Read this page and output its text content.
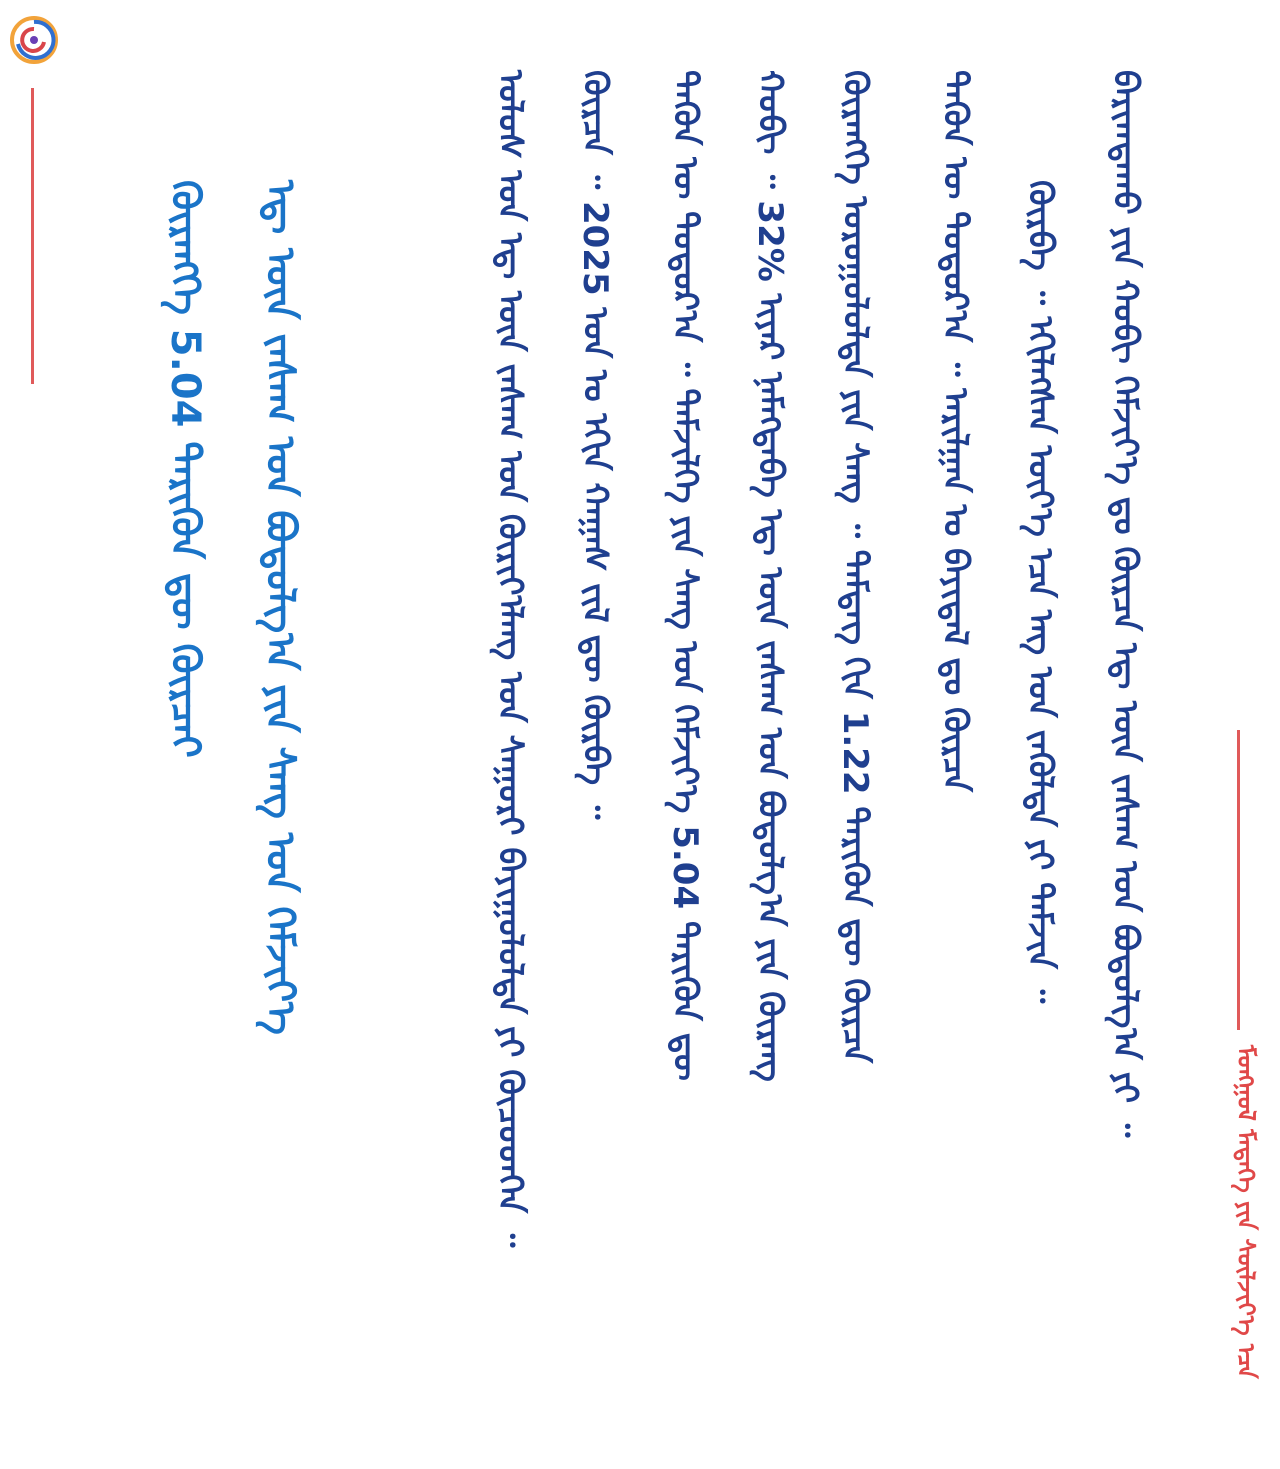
ᠪᠠᠷᠢᠭᠳᠠᠬᠤ ᠶᠢᠨ ᠬᠤᠪᠢ ᠬᠡᠮᠵᠢᠶ᠎ᠡ ᠳᠤ ᠬᠦᠷᠴᠡ ᠡᠳ᠋ ᠦᠨ ᠵᠠᠰᠠᠭ ᠤᠨ ᠪᠣᠳᠤᠯᠭ᠎ᠠ ᠶᠢ ᠃
ᠬᠦᠷᠪᠡ ᠃ ᠡᠬᠢᠯᠡᠭᠰᠡᠨ ᠦᠶ᠎ᠡ ᠡᠴᠡ ᠡᠩ ᠤᠨ ᠵᠡᠬᠦᠯᠲᠡ ᠶᠢ ᠳᠡᠮᠵᠢᠨ ᠃
ᠲᠡᠭᠦᠨ ᠦ ᠳᠣᠲᠣᠷ᠎ᠠ ᠃ ᠠᠷᠢᠯᠭᠠᠨ ᠤ ᠪᠠᠶᠢᠳᠠᠯ ᠳᠤ ᠬᠦᠷᠴᠡ
ᠬᠦᠷᠡᠩᠭᠡ ᠤᠷᠤᠭᠤᠯᠤᠯᠲᠠ ᠶᠢᠨ ᠰᠠᠩ ᠃ ᠲᠡᠮᠳᠡᠭ ᠬᠢᠨ 1.22 ᠲᠡᠷᠢᠭᠦᠨ ᠳᠦ ᠬᠦᠷᠴᠡ
ᠬᠤᠪᠢ ᠃ 32% ᠢᠶᠠᠷ ᠨᠡᠮᠡᠭᠳᠡᠪᠡ ᠡᠳ᠋ ᠦᠨ ᠵᠠᠰᠠᠭ ᠤᠨ ᠪᠣᠳᠤᠯᠭ᠎ᠠ ᠶᠢᠨ ᠬᠦᠷᠡᠩ
ᠲᠡᠭᠦᠨ ᠦ ᠳᠣᠲᠣᠷ᠎ᠠ ᠃ ᠳᠡᠮᠵᠢᠯᠭᠡ ᠶᠢᠨ ᠰᠠᠩ ᠤᠨ ᠬᠡᠮᠵᠢᠶ᠎ᠡ 5.04 ᠲᠡᠷᠢᠭᠦᠨ ᠳᠦ
ᠬᠦᠷᠴᠡ ᠃ 2025 ᠣᠨ ᠤ ᠡᠬᠢᠨ ᠬᠠᠭᠠᠰ ᠵᠢᠯ ᠳᠦ ᠬᠦᠷᠪᠡ ᠃
ᠤᠯᠤᠰ ᠤᠨ ᠡᠳ᠋ ᠦᠨ ᠵᠠᠰᠠᠭ ᠤᠨ ᠬᠦᠷᠢᠶ᠎ᠡᠯᠡᠩ ᠤᠨ ᠰᠠᠭᠤᠷᠢ ᠪᠠᠶᠢᠭᠤᠯᠤᠯᠲᠠ ᠶᠢ ᠬᠦᠴᠦᠳᠬᠡᠨ ᠃
ᠡᠳ᠋ ᠦᠨ ᠵᠠᠰᠠᠭ ᠤᠨ ᠪᠣᠳᠤᠯᠭ᠎ᠠ ᠶᠢᠨ ᠰᠠᠩ ᠤᠨ ᠬᠡᠮᠵᠢᠶ᠎ᠡ
ᠬᠦᠷᠡᠩᠭᠡ 5.04 ᠲᠡᠷᠢᠭᠦᠨ ᠳᠦ ᠬᠦᠷᠴᠡᠢ
ᠮᠣᠩᠭᠣᠯ ᠮᠡᠳᠡᠭᠡ ᠶᠢᠨ ᠰᠦᠯᠵᠢᠶ᠎ᠡ ᠡᠴᠡ
